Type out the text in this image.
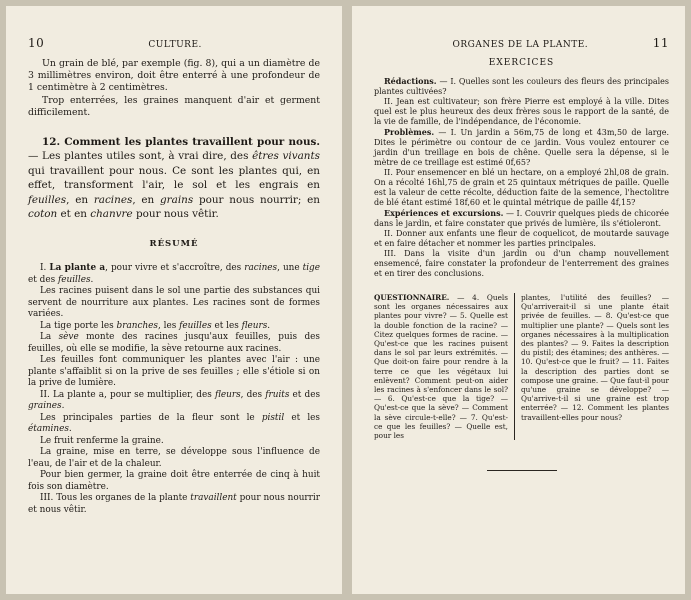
10	CULTURE.

Un grain de blé, par exemple (fig. 8), qui a un diamètre de 3 millimètres environ, doit être enterré à une profondeur de 1 centimètre à 2 centimètres.

Trop enterrées, les graines manquent d'air et germent difficilement.

12. Comment les plantes travaillent pour nous. — Les plantes utiles sont, à vrai dire, des êtres vivants qui travaillent pour nous. Ce sont les plantes qui, en effet, transforment l'air, le sol et les engrais en feuilles, en racines, en grains pour nous nourrir; en coton et en chanvre pour nous vêtir.

RÉSUMÉ

I. La plante a, pour vivre et s'accroître, des racines, une tige et des feuilles.

Les racines puisent dans le sol une partie des substances qui servent de nourriture aux plantes. Les racines sont de formes variées.

La tige porte les branches, les feuilles et les fleurs.

La sève monte des racines jusqu'aux feuilles, puis des feuilles, où elle se modifie, la sève retourne aux racines.

Les feuilles font communiquer les plantes avec l'air : une plante s'affaiblit si on la prive de ses feuilles ; elle s'étiole si on la prive de lumière.

II. La plante a, pour se multiplier, des fleurs, des fruits et des graines.

Les principales parties de la fleur sont le pistil et les étamines.

Le fruit renferme la graine.

La graine, mise en terre, se développe sous l'influence de l'eau, de l'air et de la chaleur.

Pour bien germer, la graine doit être enterrée de cinq à huit fois son diamètre.

III. Tous les organes de la plante travaillent pour nous nourrir et nous vêtir.

ORGANES DE LA PLANTE.	11
EXERCICES

Rédactions. — I. Quelles sont les couleurs des fleurs des principales plantes cultivées?

II. Jean est cultivateur; son frère Pierre est employé à la ville. Dites quel est le plus heureux des deux frères sous le rapport de la santé, de la vie de famille, de l'indépendance, de l'économie.

Problèmes. — I. Un jardin a 56m,75 de long et 43m,50 de large. Dites le périmètre ou contour de ce jardin. Vous voulez entourer ce jardin d'un treillage en bois de chêne. Quelle sera la dépense, si le mètre de ce treillage est estimé 0f,65?

II. Pour ensemencer en blé un hectare, on a employé 2hl,08 de grain. On a récolté 16hl,75 de grain et 25 quintaux métriques de paille. Quelle est la valeur de cette récolte, déduction faite de la semence, l'hectolitre de blé étant estimé 18f,60 et le quintal métrique de paille 4f,15?

Expériences et excursions. — I. Couvrir quelques pieds de chicorée dans le jardin, et faire constater que privés de lumière, ils s'étioleront.

II. Donner aux enfants une fleur de coquelicot, de moutarde sauvage et en faire détacher et nommer les parties principales.

III. Dans la visite d'un jardin ou d'un champ nouvellement ensemencé, faire constater la profondeur de l'enterrement des graines et en tirer des conclusions.

QUESTIONNAIRE. — 4. Quels sont les organes nécessaires aux plantes pour vivre? — 5. Quelle est la double fonction de la racine? — Citez quelques formes de racine. — Qu'est-ce que les racines puisent dans le sol par leurs extrémités. — Que doit-on faire pour rendre à la terre ce que les végétaux lui enlèvent? Comment peut-on aider les racines à s'enfoncer dans le sol? — 6. Qu'est-ce que la tige? — Qu'est-ce que la sève? — Comment la sève circule-t-elle? — 7. Qu'est-ce que les feuilles? — Quelle est, pour les
plantes, l'utilité des feuilles? — Qu'arriverait-il si une plante était privée de feuilles. — 8. Qu'est-ce que multiplier une plante? — Quels sont les organes nécessaires à la multiplication des plantes? — 9. Faites la description du pistil; des étamines; des anthères. — 10. Qu'est-ce que le fruit? — 11. Faites la description des parties dont se compose une graine. — Que faut-il pour qu'une graine se développe? — Qu'arrive-t-il si une graine est trop enterrée? — 12. Comment les plantes travaillent-elles pour nous?
